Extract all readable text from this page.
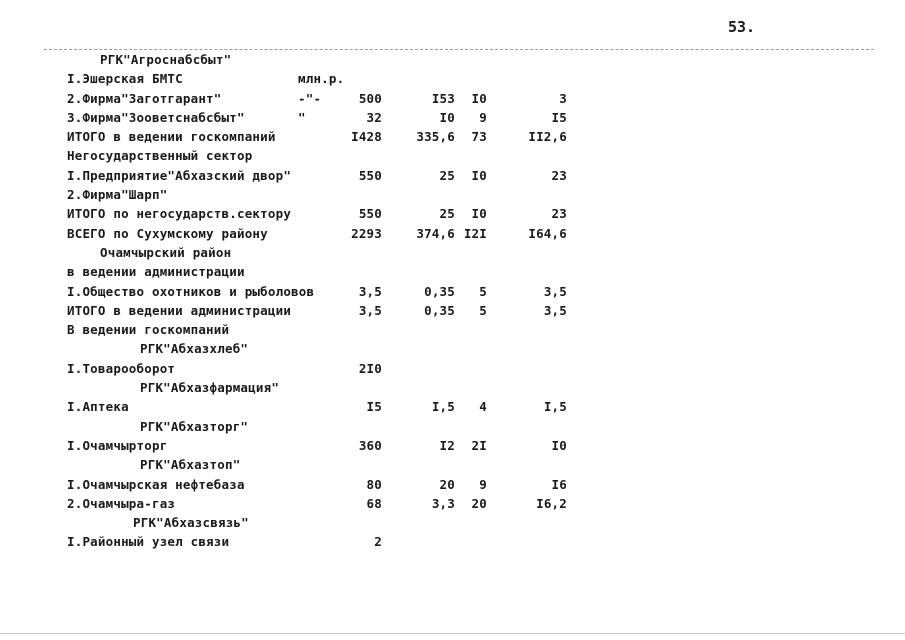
53.
РГК"Агроснабсбыт"
I.Эшерская БМТС	млн.р.
2.Фирма"Заготгарант"	-"-	500	I53 I0	3
3.Фирма"Зооветснабсбыт"	"	32	I0 9	I5
ИТОГО в ведении госкомпаний	I428	335,6 73	II2,6
Негосударственный сектор
I.Предприятие"Абхазский двор"	550	25 I0	23
2.Фирма"Шарп"
ИТОГО по негосударств.сектору	550	25 I0	23
ВСЕГО по Сухумскому району	2293	374,6 I2I	I64,6
Очамчырский район
в ведении администрации
I.Общество охотников и рыболовов	3,5	0,35 5	3,5
ИТОГО в ведении администрации	3,5	0,35 5	3,5
В ведении госкомпаний
РГК"Абхазхлеб"
I.Товарооборот	2I0
РГК"Абхазфармация"
I.Аптека	I5	I,5 4	I,5
РГК"Абхазторг"
I.Очамчырторг	360	I2 2I	I0
РГК"Абхазтоп"
I.Очамчырская нефтебаза	80	20 9	I6
2.Очамчыра-газ	68	3,3 20	I6,2
РГК"Абхазсвязь"
I.Районный узел связи	2
